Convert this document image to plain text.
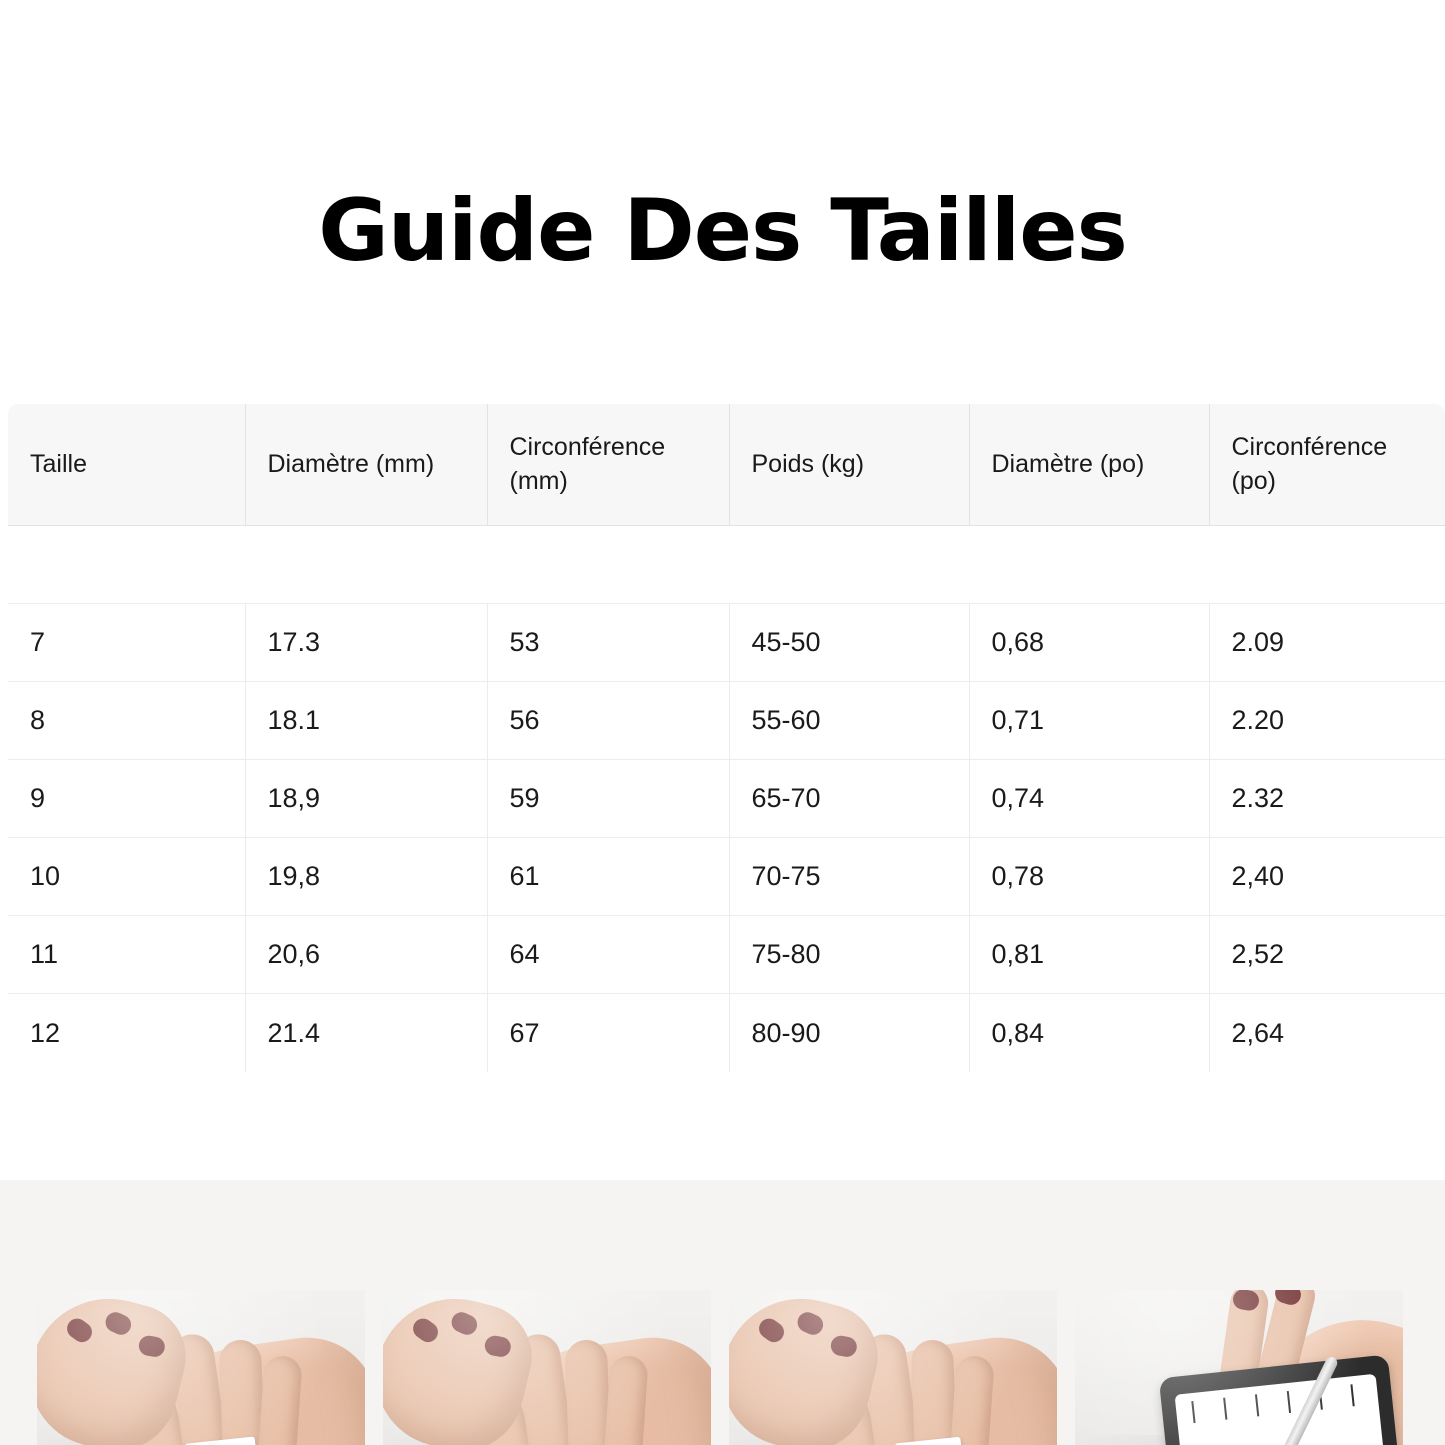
Guide Des Tailles
Taille	Diamètre (mm)	Circonférence (mm)	Poids (kg)	Diamètre (po)	Circonférence (po)

7	17.3	53	45-50	0,68	2.09
8	18.1	56	55-60	0,71	2.20
9	18,9	59	65-70	0,74	2.32
10	19,8	61	70-75	0,78	2,40
11	20,6	64	75-80	0,81	2,52
12	21.4	67	80-90	0,84	2,64
